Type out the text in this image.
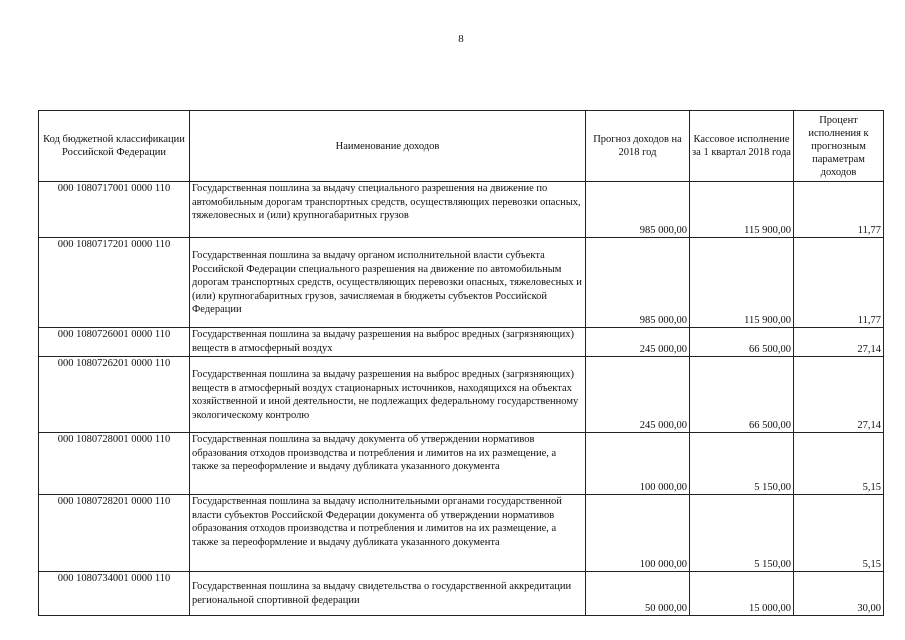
8
Код бюджетной классификации Российской Федерации	Наименование доходов	Прогноз доходов на 2018 год	Кассовое исполнение за 1 квартал 2018 года	Процент исполнения к прогнозным параметрам доходов
000 1080717001 0000 110	Государственная пошлина за выдачу специального разрешения на движение по автомобильным дорогам транспортных средств, осуществляющих перевозки опасных, тяжеловесных и (или) крупногабаритных грузов	985 000,00	115 900,00	11,77
000 1080717201 0000 110	Государственная пошлина за выдачу органом исполнительной власти субъекта Российской Федерации специального разрешения на движение по автомобильным дорогам транспортных средств, осуществляющих перевозки опасных, тяжеловесных и (или) крупногабаритных грузов, зачисляемая в бюджеты субъектов Российской Федерации	985 000,00	115 900,00	11,77
000 1080726001 0000 110	Государственная пошлина за выдачу разрешения на выброс вредных (загрязняющих) веществ в атмосферный воздух	245 000,00	66 500,00	27,14
000 1080726201 0000 110	Государственная пошлина за выдачу разрешения на выброс вредных (загрязняющих) веществ в атмосферный воздух стационарных источников, находящихся на объектах хозяйственной и иной деятельности, не подлежащих федеральному государственному экологическому контролю	245 000,00	66 500,00	27,14
000 1080728001 0000 110	Государственная пошлина за выдачу документа об утверждении нормативов образования отходов производства и потребления и лимитов на их размещение, а также за переоформление и выдачу дубликата указанного документа	100 000,00	5 150,00	5,15
000 1080728201 0000 110	Государственная пошлина за выдачу исполнительными органами государственной власти субъектов Российской Федерации документа об утверждении нормативов образования отходов производства и потребления и лимитов на их размещение, а также за переоформление и выдачу дубликата указанного документа	100 000,00	5 150,00	5,15
000 1080734001 0000 110	Государственная пошлина за выдачу свидетельства о государственной аккредитации региональной спортивной федерации	50 000,00	15 000,00	30,00
